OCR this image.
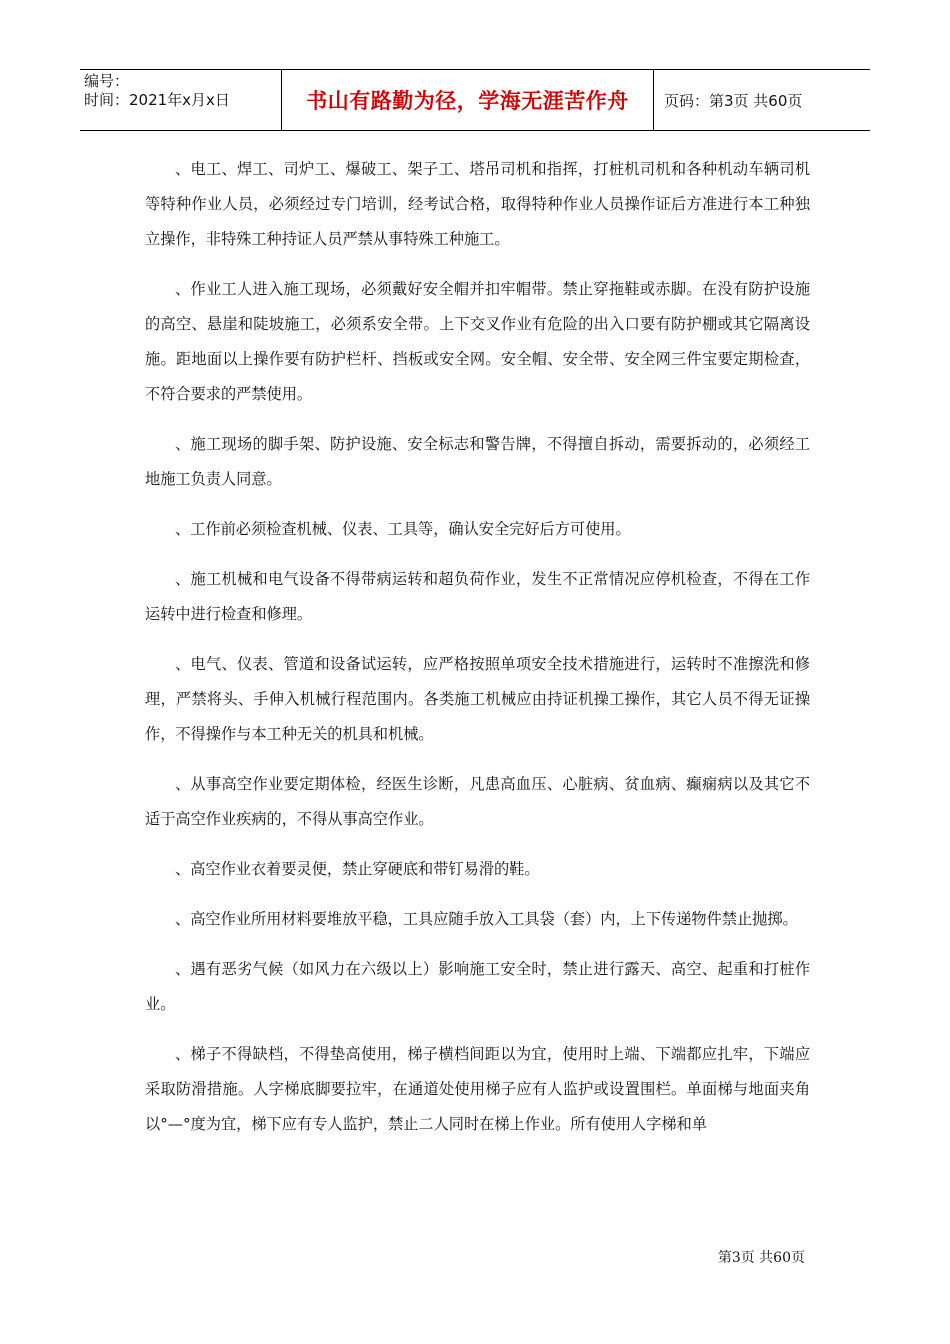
编号：
时间：2021年x月x日	书山有路勤为径，学海无涯苦作舟	页码：第3页 共60页

、电工、焊工、司炉工、爆破工、架子工、塔吊司机和指挥，打桩机司机和各种机动车辆司机等特种作业人员，必须经过专门培训，经考试合格，取得特种作业人员操作证后方准进行本工种独立操作，非特殊工种持证人员严禁从事特殊工种施工。

、作业工人进入施工现场，必须戴好安全帽并扣牢帽带。禁止穿拖鞋或赤脚。在没有防护设施的高空、悬崖和陡坡施工，必须系安全带。上下交叉作业有危险的出入口要有防护棚或其它隔离设施。距地面以上操作要有防护栏杆、挡板或安全网。安全帽、安全带、安全网三件宝要定期检查，不符合要求的严禁使用。

、施工现场的脚手架、防护设施、安全标志和警告牌，不得擅自拆动，需要拆动的，必须经工地施工负责人同意。

、工作前必须检查机械、仪表、工具等，确认安全完好后方可使用。

、施工机械和电气设备不得带病运转和超负荷作业，发生不正常情况应停机检查，不得在工作运转中进行检查和修理。

、电气、仪表、管道和设备试运转，应严格按照单项安全技术措施进行，运转时不准擦洗和修理，严禁将头、手伸入机械行程范围内。各类施工机械应由持证机操工操作，其它人员不得无证操作，不得操作与本工种无关的机具和机械。

、从事高空作业要定期体检，经医生诊断，凡患高血压、心脏病、贫血病、癫痫病以及其它不适于高空作业疾病的，不得从事高空作业。

、高空作业衣着要灵便，禁止穿硬底和带钉易滑的鞋。

、高空作业所用材料要堆放平稳，工具应随手放入工具袋（套）内，上下传递物件禁止抛掷。

、遇有恶劣气候（如风力在六级以上）影响施工安全时，禁止进行露天、高空、起重和打桩作业。

、梯子不得缺档，不得垫高使用，梯子横档间距以为宜，使用时上端、下端都应扎牢，下端应采取防滑措施。人字梯底脚要拉牢，在通道处使用梯子应有人监护或设置围栏。单面梯与地面夹角以°—°度为宜，梯下应有专人监护，禁止二人同时在梯上作业。所有使用人字梯和单

第3页 共60页
